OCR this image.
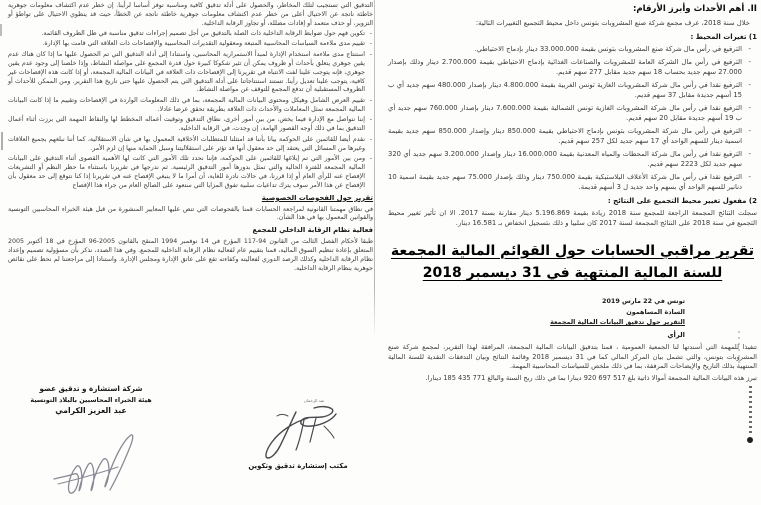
التدقيق التي تستجيب لتلك المخاطر، والحصول على أدلة تدقيق كافية ومناسبة توفر أساسا لرأينا. إن خطر عدم اكتشاف معلومات جوهرية خاطئة ناتجة عن الاحتيال أعلى من خطر عدم اكتشاف معلومات جوهرية خاطئة ناتجة عن الخطأ، حيث قد ينطوي الاحتيال على تواطؤ أو التزوير، أو حذف متعمد أو إفادات مضللة، أو تجاوز الرقابة الداخلية.

- تكوين فهم حول ضوابط الرقابة الداخلية ذات الصلة بالتدقيق من أجل تصميم إجراءات تدقيق مناسبة في ظل الظروف القائمة.
- تقييم مدى ملاءمة السياسات المحاسبية المتبعة ومعقولية التقديرات المحاسبية والإفصاحات ذات العلاقة التي قامت بها الإدارة.
- استنتاج مدى ملاءمة استخدام الإدارة لمبدأ الاستمرارية المحاسبي، واستنادا إلى أدلة التدقيق التي تم الحصول عليها ما إذا كان هناك عدم يقين جوهري يتعلق بأحداث أو ظروف يمكن أن تثير شكوكا كبيرة حول قدرة المجمع على مواصلة النشاط، وإذا خلصنا إلى وجود عدم يقين جوهري، فإنه يتوجب علينا لفت الانتباه في تقريرنا إلى الإفصاحات ذات العلاقة في البيانات المالية المجمعة، أو إذا كانت هذه الإفصاحات غير كافية، يتوجب علينا تعديل رأينا. تستند استنتاجاتنا على أدلة التدقيق التي يتم الحصول عليها حتى تاريخ هذا التقرير. ومن الممكن للأحداث أو الظروف المستقبلية أن تدفع المجمع للتوقف عن مواصلة النشاط.
- تقييم العرض الشامل وهيكل ومحتوى البيانات المالية المجمعة، بما في ذلك المعلومات الواردة في الإفصاحات وتقييم ما إذا كانت البيانات المالية المجمعة تمثل المعاملات والأحداث ذات العلاقة بطريقة تحقق عرضا عادلا.
- إننا نتواصل مع الإدارة فيما يخص، من بين أمور أخرى، نطاق التدقيق وتوقيت أعماله المخطط لها والنقاط المهمة التي برزت أثناء أعمال التدقيق بما في ذلك أوجه القصور الهامة، إن وجدت، في الرقابة الداخلية.
- نقدم أيضا للقائمين على الحوكمة بيانا بأننا قد امتثلنا للمتطلبات الأخلاقية المعمول بها في شأن الاستقلالية، كما أننا نبلغهم بجميع العلاقات وغيرها من المسائل التي يعتقد إلى حد معقول أنها قد تؤثر على استقلاليتنا وسبل الحماية منها إن لزم الأمر.
- ومن بين الأمور التي تم إبلاغها للقائمين على الحوكمة، فإننا نحدد تلك الأمور التي كانت لها الأهمية القصوى أثناء التدقيق على البيانات المالية المجمعة للفترة الحالية والتي تمثل بدورها أمور التدقيق الرئيسية. ثم ندرجها في تقريرنا باستثناء ما حظر النظم أو التشريعات الإفصاح عنه للرأي العام أو إذا قررنا، في حالات نادرة للغاية، أن أمرا ما لا ينبغي الإفصاح عنه في تقريرنا إذا كنا نتوقع إلى حد معقول بأن الإفصاح عن هذا الأمر سوف يترك تداعيات سلبية تفوق المزايا التي ستعود على الصالح العام من جراء هذا الإفصاح
تقرير حول الفحوصات الخصوصية

في نطاق مهمتنا القانونية لمراجعة الحسابات قمنا بالفحوصات التي تنص عليها المعايير المنشورة من قبل هيئة الخبراء المحاسبين التونسية والقوانين المعمول بها في هذا الشأن.

فعالية نظام الرقابة الداخلي للمجمع

طبقا لأحكام الفصل الثالث من القانون 94-117 المؤرخ في 14 نوفمبر 1994 المنقح بالقانون 2005-96 المؤرخ في 18 أكتوبر 2005 المتعلق بإعادة تنظيم السوق المالية، قمنا بتقييم عام لفعالية نظام الرقابة الداخلية للمجمع. وفي هذا الصدد، نذكر بأن مسؤولية تصميم وإعداد نظام الرقابة الداخلية وكذلك الرصد الدوري لفعاليته وكفاءته تقع على عاتق الإدارة ومجلس الإدارة. واستنادا إلى مراجعتنا لم نحظ على نقائص جوهرية بنظام الرقابة الداخلية.

شركة استشارة و تدقيق عضو
هيئة الخبراء المحاسبين بالبلاد التونسية
عبد العزيز الكرامي
عبد الرحمان
مكتب إستشارة تدقيق وتكوين
II. أهم الأحداث وأبرز الأرقام:

خلال سنة 2018، عرف مجمع شركة صنع المشروبات بتونس داخل محيط التجميع التغييرات التالية:

1) تغيرات المحيط :
- الترفيع في رأس مال شركة صنع المشروبات بتونس بقيمة 33.000.000 دينار بإدماج الاحتياطي.
- الترفيع في رأس مال الشركة العامة للمشروبات والصناعات الغذائية بإدماج الاحتياطي بقيمة 2.700.000 دينار وذلك بإصدار 27.000 سهم جديد بحساب 18 سهم جديد مقابل 277 سهم قديم.
- الترفيع نقدا في رأس مال شركة المشروبات الغازية تونس الغربية بقيمة 4.800.000 دينار بإصدار 480.000 سهم جديد أي ب 15 أسهم جديدة مقابل 37 سهم قديم.
- الترفيع نقدا في رأس مال شركة المشروبات الغازية تونس الشمالية بقيمة 7.600.000 دينار بإصدار 760.000 سهم جديد أي ب 19 أسهم جديدة مقابل 20 سهم قديم.
- الترفيع في رأس مال شركة المشروبات بتونس بإدماج الاحتياطي بقيمة 850.000 دينار وإصدار 850.000 سهم جديد بقيمة اسمية دينار للسهم الواحد أي 17 سهم جديد لكل 257 سهم قديم.
- الترفيع نقدا في رأس مال شركة المحطات والمياه المعدنية بقيمة 16.000.000 دينار وإصدار 3.200.000 سهم جديد أي 320 سهم جديد لكل 2223 سهم قديم.
- الترفيع نقدا في رأس مال شركة الأعلاف البلاستيكية بقيمة 750.000 دينار وذلك بإصدار 75.000 سهم جديد بقيمة اسمية 10 دنانير للسهم الواحد أي بسهم واحد جديد ل 3 أسهم قديمة.
2) مفعول تغيير محيط التجميع على النتائج :

سجلت النتائج المجمعة الراجعة للمجمع سنة 2018 زيادة بقيمة 5.196.869 دينار مقارنة بسنة 2017. الا ان تأثير تغيير محيط التجميع في سنة 2018 على النتائج المجمعة لسنة 2017 كان سلبيا و ذلك بتسجيل انخفاض بـ 16.581 دينار.

تقرير مراقبي الحسابات حول القوائم المالية المجمعة
للسنة المالية المنتهية في 31 ديسمبر 2018
تونس في 22 مارس 2019
السادة المساهمون
التقرير حول تدقيق البيانات المالية المجمعة
الرأي

تنفيذا للمهمة التي أسندتها لنا الجمعية العمومية ، قمنا بتدقيق البيانات المالية المجمعة، المرافقة لهذا التقرير، لمجمع شركة صنع المشروبات بتونس، والتي تشمل بيان المركز المالي كما في 31 ديسمبر 2018 وقائمة النتائج وبيان التدفقات النقدية للسنة المالية المنتهية بذلك التاريخ والإيضاحات المرفقة، بما في ذلك ملخص للسياسات المحاسبية المهمة.

تبرز هذه البيانات المالية المجمعة أموالا ذاتية بلغ 920 697 517 دينارا بما في ذلك ربح السنة والبالغ 185 435 771 دينارا.
